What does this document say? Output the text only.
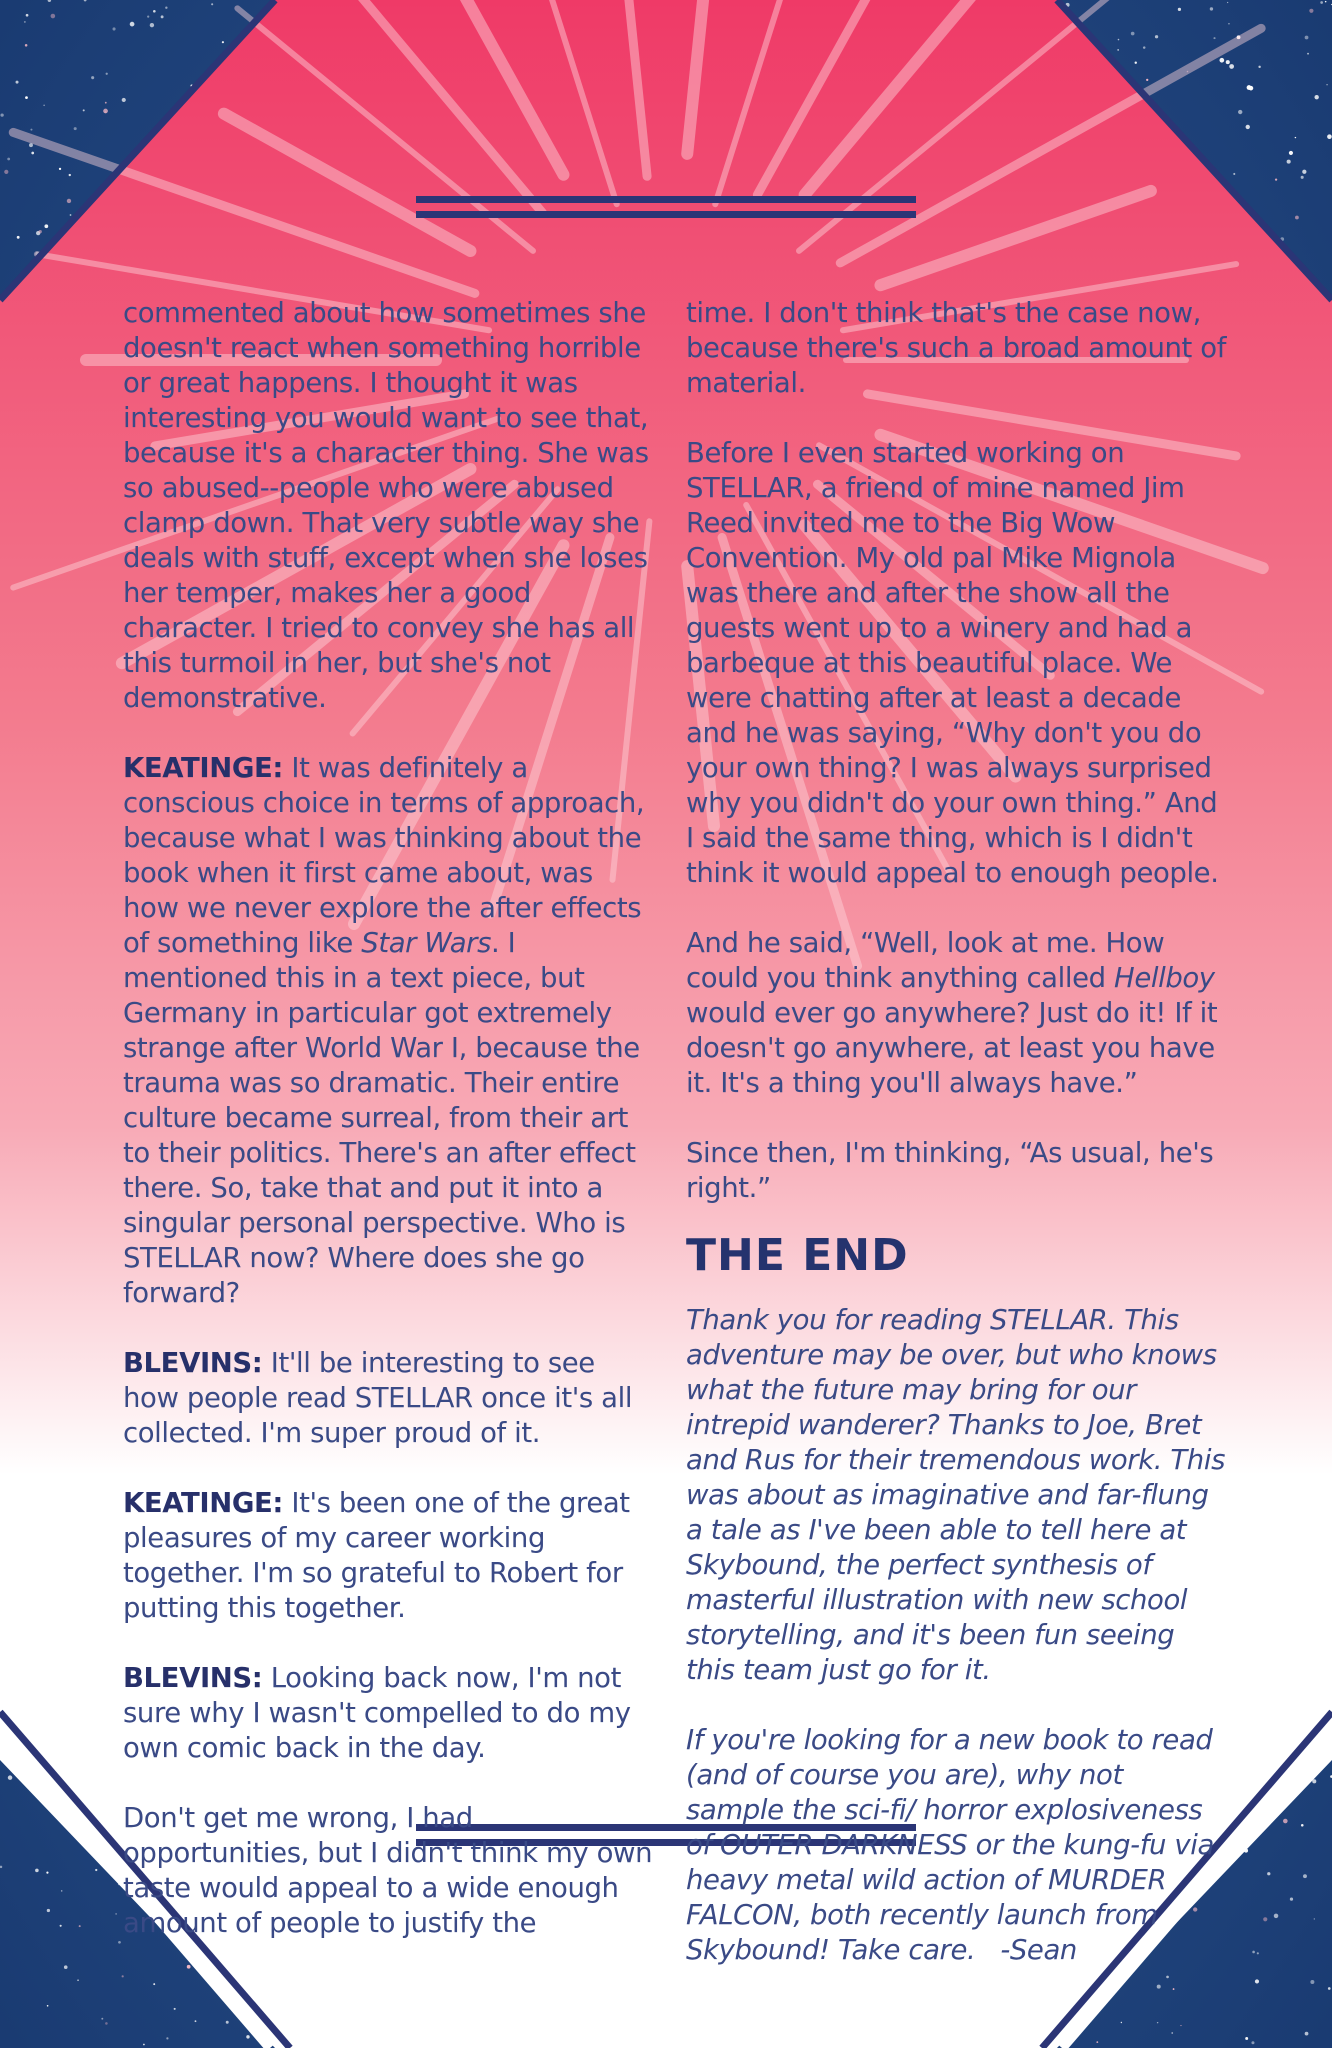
commented about how sometimes she doesn't react when something horrible or great happens. I thought it was interesting you would want to see that, because it's a character thing. She was so abused--people who were abused clamp down. That very subtle way she deals with stuff, except when she loses her temper, makes her a good character. I tried to convey she has all this turmoil in her, but she's not demonstrative.

KEATINGE: It was definitely a conscious choice in terms of approach, because what I was thinking about the book when it first came about, was how we never explore the after effects of something like Star Wars. I mentioned this in a text piece, but Germany in particular got extremely strange after World War I, because the trauma was so dramatic. Their entire culture became surreal, from their art to their politics. There's an after effect there. So, take that and put it into a singular personal perspective. Who is STELLAR now? Where does she go forward?

BLEVINS: It'll be interesting to see how people read STELLAR once it's all collected. I'm super proud of it.

KEATINGE: It's been one of the great pleasures of my career working together. I'm so grateful to Robert for putting this together.

BLEVINS: Looking back now, I'm not sure why I wasn't compelled to do my own comic back in the day.

Don't get me wrong, I had opportunities, but I didn't think my own taste would appeal to a wide enough amount of people to justify the

time. I don't think that's the case now, because there's such a broad amount of material.

Before I even started working on STELLAR, a friend of mine named Jim Reed invited me to the Big Wow Convention. My old pal Mike Mignola was there and after the show all the guests went up to a winery and had a barbeque at this beautiful place. We were chatting after at least a decade and he was saying, “Why don't you do your own thing? I was always surprised why you didn't do your own thing.” And I said the same thing, which is I didn't think it would appeal to enough people.

And he said, “Well, look at me. How could you think anything called Hellboy would ever go anywhere? Just do it! If it doesn't go anywhere, at least you have it. It's a thing you'll always have.”

Since then, I'm thinking, “As usual, he's right.”

THE END

Thank you for reading STELLAR. This adventure may be over, but who knows what the future may bring for our intrepid wanderer? Thanks to Joe, Bret and Rus for their tremendous work. This was about as imaginative and far-flung a tale as I've been able to tell here at Skybound, the perfect synthesis of masterful illustration with new school storytelling, and it's been fun seeing this team just go for it.

If you're looking for a new book to read (and of course you are), why not sample the sci-fi/ horror explosiveness of OUTER DARKNESS or the kung-fu via heavy metal wild action of MURDER FALCON, both recently launch from Skybound! Take care. -Sean
